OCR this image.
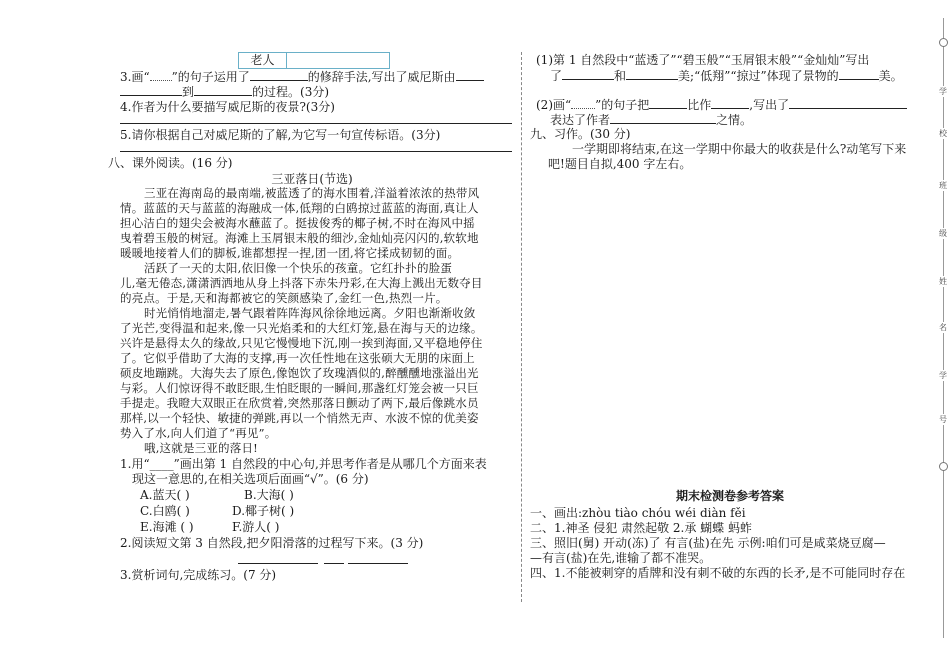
老人
3.画“ ”的句子运用了	的修辞手法,写出了威尼斯由
到	的过程。(3分)
4.作者为什么要描写威尼斯的夜景?(3分)
5.请你根据自己对威尼斯的了解,为它写一句宣传标语。(3分)
八、课外阅读。(16 分)
三亚落日(节选)
三亚在海南岛的最南端,被蓝透了的海水围着,洋溢着浓浓的热带风
情。蓝蓝的天与蓝蓝的海融成一体,低翔的白鸥掠过蓝蓝的海面,真让人
担心洁白的翅尖会被海水蘸蓝了。挺拔俊秀的椰子树,不时在海风中摇
曳着碧玉般的树冠。海滩上玉屑银末般的细沙,金灿灿亮闪闪的,软软地
暖暖地接着人们的脚板,谁都想捏一捏,团一团,将它揉成韧韧的面。
活跃了一天的太阳,依旧像一个快乐的孩童。它红扑扑的脸蛋
儿,毫无倦态,潇潇洒洒地从身上抖落下赤朱丹彩,在大海上溅出无数夺目
的亮点。于是,天和海都被它的笑颜感染了,金红一色,热烈一片。
时光悄悄地溜走,暑气跟着阵阵海风徐徐地远离。夕阳也渐渐收敛
了光芒,变得温和起来,像一只光焰柔和的大红灯笼,悬在海与天的边缘。
兴许是悬得太久的缘故,只见它慢慢地下沉,刚一挨到海面,又平稳地停住
了。它似乎借助了大海的支撑,再一次任性地在这张硕大无朋的床面上
硕皮地蹦跳。大海失去了原色,像饱饮了玫瑰酒似的,醉醺醺地涨溢出光
与彩。人们惊讶得不敢眨眼,生怕眨眼的一瞬间,那盏红灯笼会被一只巨
手提走。我瞪大双眼正在欣赏着,突然那落日颤动了两下,最后像跳水员
那样,以一个轻快、敏捷的弹跳,再以一个悄然无声、水波不惊的优美姿
势入了水,向人们道了“再见”。
哦,这就是三亚的落日!
1.用“____”画出第 1 自然段的中心句,并思考作者是从哪几个方面来表
现这一意思的,在相关选项后面画“√”。(6 分)
A.蓝天( )	B.大海( )
C.白鸥( )	D.椰子树( )
E.海滩 ( )	F.游人( )
2.阅读短文第 3 自然段,把夕阳滑落的过程写下来。(3 分)
3.赏析词句,完成练习。(7 分)
(1)第 1 自然段中“蓝透了”“碧玉般”“玉屑银末般”“金灿灿”写出
了	和	美;“低翔”“掠过”体现了景物的	美。
(2)画“ ”的句子把	比作	,写出了
表达了作者	之情。
九、习作。(30 分)
一学期即将结束,在这一学期中你最大的收获是什么?动笔写下来
吧!题目自拟,400 字左右。
期末检测卷参考答案
一、画出:zhòu tiào chóu wéi diàn fěi
二、1.神圣 侵犯 肃然起敬 2.承 蝴蝶 蚂蚱
三、照旧(舅) 开动(冻)了 有言(盐)在先 示例:咱们可是咸菜烧豆腐—
—有言(盐)在先,谁输了都不准哭。
四、1.不能被刺穿的盾牌和没有刺不破的东西的长矛,是不可能同时存在
学
校
班
级
姓
名
学
号
